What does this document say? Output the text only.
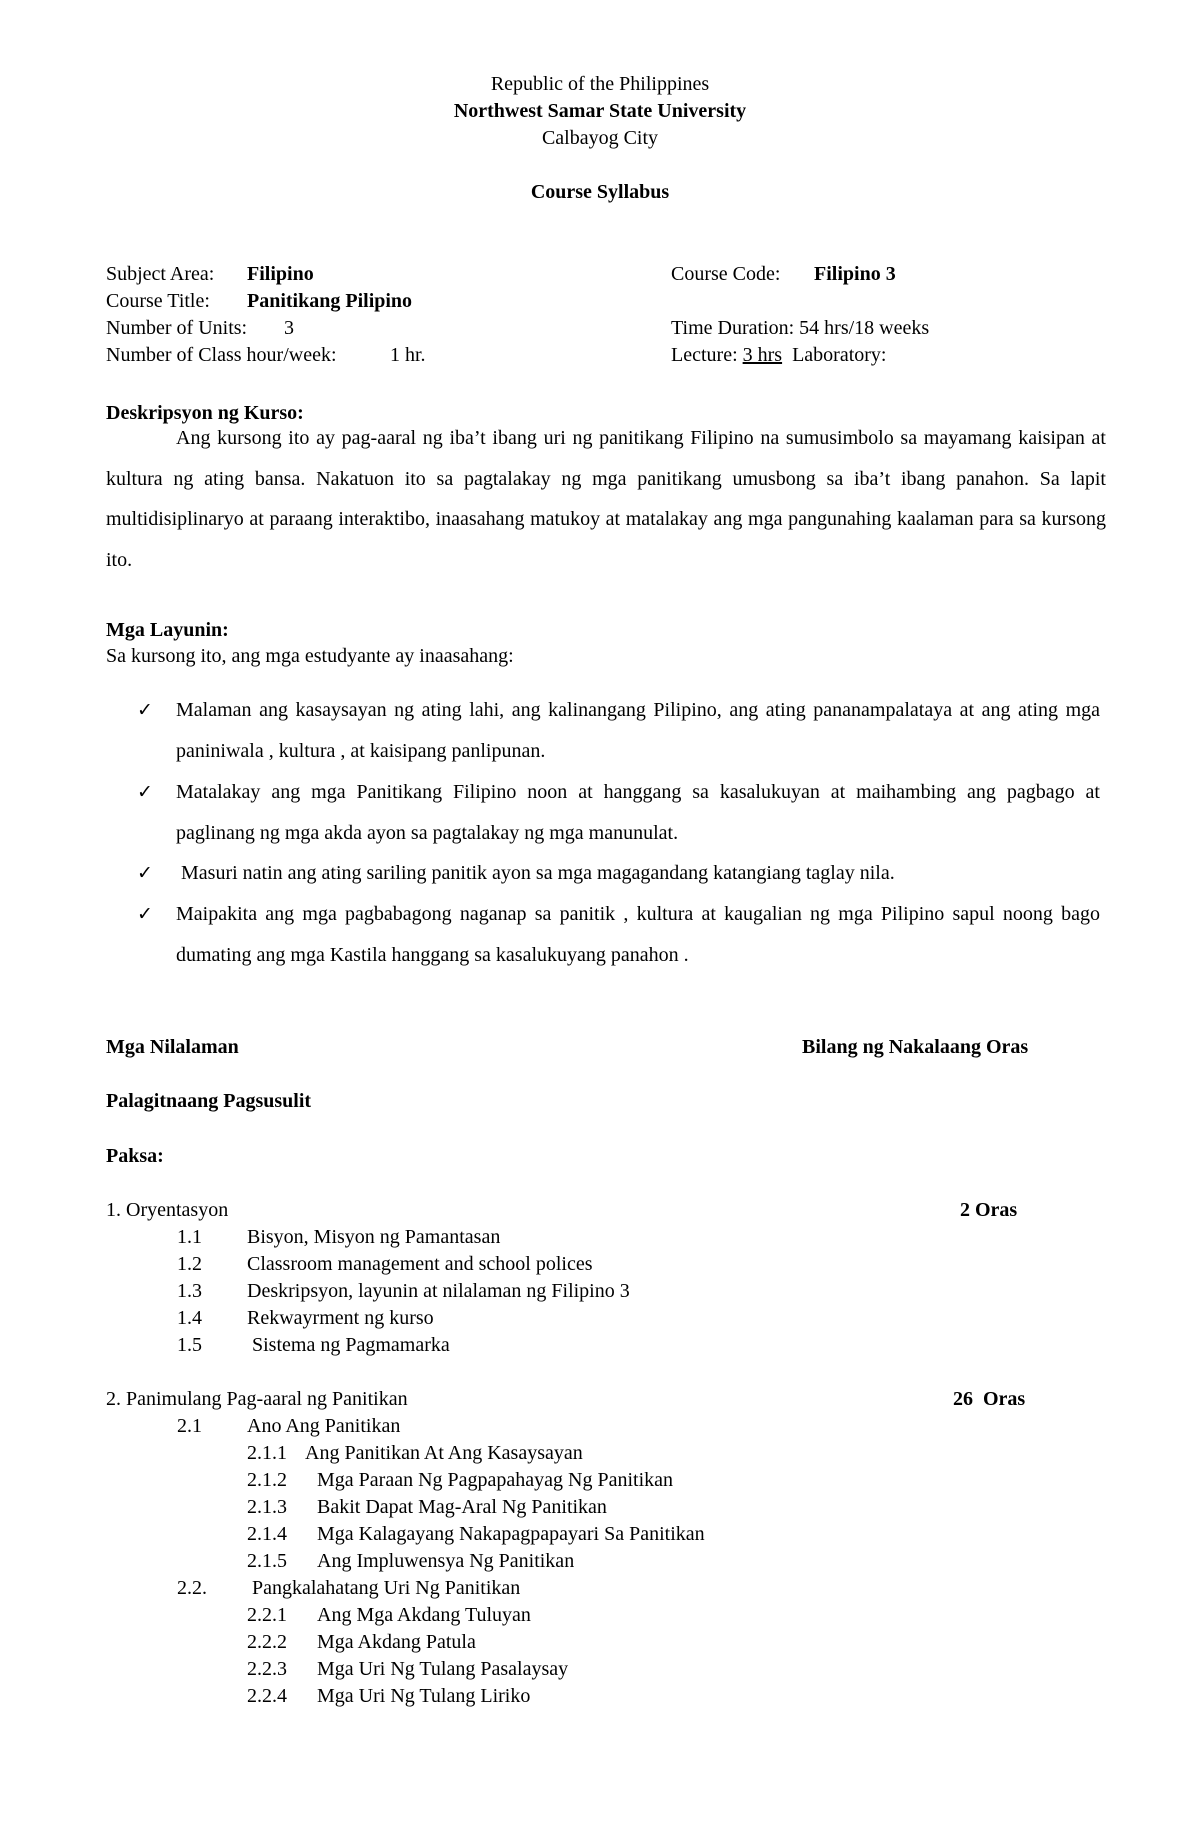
Republic of the Philippines
Northwest Samar State University
Calbayog City
Course Syllabus
Subject Area: Filipino
Course Title: Panitikang Pilipino
Number of Units: 3
Number of Class hour/week:	1 hr.
Course Code: Filipino 3
Time Duration: 54 hrs/18 weeks
Lecture: 3 hrs Laboratory:
Deskripsyon ng Kurso:
Ang kursong ito ay pag-aaral ng iba’t ibang uri ng panitikang Filipino na sumusimbolo sa mayamang kaisipan at kultura ng ating bansa. Nakatuon ito sa pagtalakay ng mga panitikang umusbong sa iba’t ibang panahon. Sa lapit multidisiplinaryo at paraang interaktibo, inaasahang matukoy at matalakay ang mga pangunahing kaalaman para sa kursong ito.
Mga Layunin:
Sa kursong ito, ang mga estudyante ay inaasahang:
✓ Malaman ang kasaysayan ng ating lahi, ang kalinangang Pilipino, ang ating pananampalataya at ang ating mga paniniwala , kultura , at kaisipang panlipunan.
✓ Matalakay ang mga Panitikang Filipino noon at hanggang sa kasalukuyan at maihambing ang pagbago at paglinang ng mga akda ayon sa pagtalakay ng mga manunulat.
✓ Masuri natin ang ating sariling panitik ayon sa mga magagandang katangiang taglay nila.
✓ Maipakita ang mga pagbabagong naganap sa panitik , kultura at kaugalian ng mga Pilipino sapul noong bago dumating ang mga Kastila hanggang sa kasalukuyang panahon .
Mga Nilalaman	Bilang ng Nakalaang Oras
Palagitnaang Pagsusulit
Paksa:
1. Oryentasyon	2 Oras
1.1 Bisyon, Misyon ng Pamantasan
1.2 Classroom management and school polices
1.3 Deskripsyon, layunin at nilalaman ng Filipino 3
1.4 Rekwayrment ng kurso
1.5 Sistema ng Pagmamarka
2. Panimulang Pag-aaral ng Panitikan	26  Oras
2.1 Ano Ang Panitikan
2.1.1 Ang Panitikan At Ang Kasaysayan
2.1.2 Mga Paraan Ng Pagpapahayag Ng Panitikan
2.1.3 Bakit Dapat Mag-Aral Ng Panitikan
2.1.4 Mga Kalagayang Nakapagpapayari Sa Panitikan
2.1.5 Ang Impluwensya Ng Panitikan
2.2. Pangkalahatang Uri Ng Panitikan
2.2.1 Ang Mga Akdang Tuluyan
2.2.2 Mga Akdang Patula
2.2.3 Mga Uri Ng Tulang Pasalaysay
2.2.4 Mga Uri Ng Tulang Liriko
